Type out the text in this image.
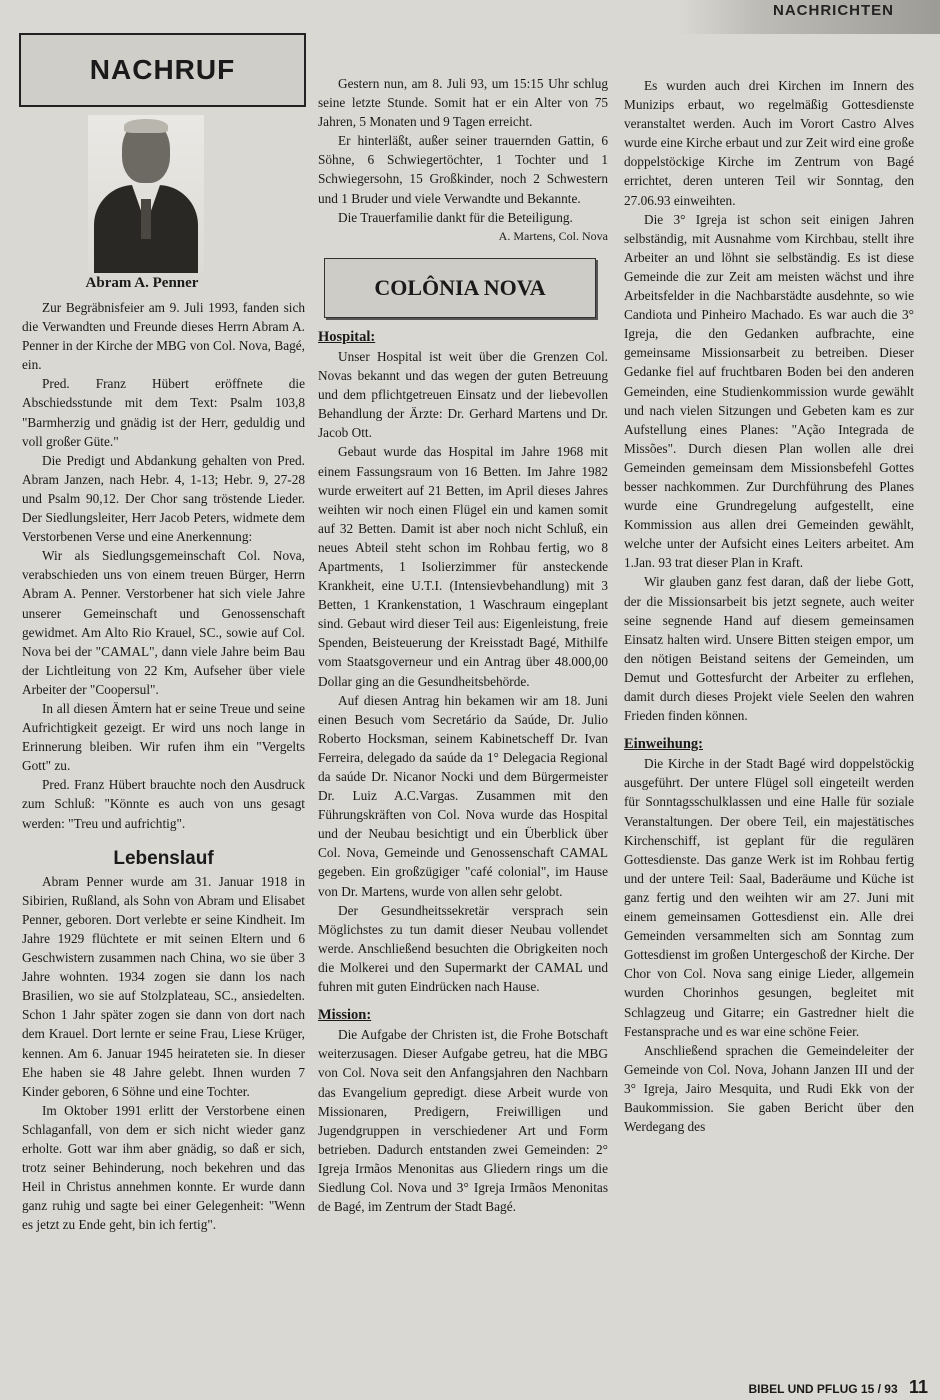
NACHRICHTEN
NACHRUF
Abram A. Penner

Zur Begräbnisfeier am 9. Juli 1993, fanden sich die Verwandten und Freunde dieses Herrn Abram A. Penner in der Kirche der MBG von Col. Nova, Bagé, ein.

Pred. Franz Hübert eröffnete die Abschiedsstunde mit dem Text: Psalm 103,8 "Barmherzig und gnädig ist der Herr, geduldig und voll großer Güte."

Die Predigt und Abdankung gehalten von Pred. Abram Janzen, nach Hebr. 4, 1-13; Hebr. 9, 27-28 und Psalm 90,12. Der Chor sang tröstende Lieder. Der Siedlungsleiter, Herr Jacob Peters, widmete dem Verstorbenen Verse und eine Anerkennung:

Wir als Siedlungsgemeinschaft Col. Nova, verabschieden uns von einem treuen Bürger, Herrn Abram A. Penner. Verstorbener hat sich viele Jahre unserer Gemeinschaft und Genossenschaft gewidmet. Am Alto Rio Krauel, SC., sowie auf Col. Nova bei der "CAMAL", dann viele Jahre beim Bau der Lichtleitung von 22 Km, Aufseher über viele Arbeiter der "Coopersul".

In all diesen Ämtern hat er seine Treue und seine Aufrichtigkeit gezeigt. Er wird uns noch lange in Erinnerung bleiben. Wir rufen ihm ein "Vergelts Gott" zu.

Pred. Franz Hübert brauchte noch den Ausdruck zum Schluß: "Könnte es auch von uns gesagt werden: "Treu und aufrichtig".

Lebenslauf

Abram Penner wurde am 31. Januar 1918 in Sibirien, Rußland, als Sohn von Abram und Elisabet Penner, geboren. Dort verlebte er seine Kindheit. Im Jahre 1929 flüchtete er mit seinen Eltern und 6 Geschwistern zusammen nach China, wo sie über 3 Jahre wohnten. 1934 zogen sie dann los nach Brasilien, wo sie auf Stolzplateau, SC., ansiedelten. Schon 1 Jahr später zogen sie dann von dort nach dem Krauel. Dort lernte er seine Frau, Liese Krüger, kennen. Am 6. Januar 1945 heirateten sie. In dieser Ehe haben sie 48 Jahre gelebt. Ihnen wurden 7 Kinder geboren, 6 Söhne und eine Tochter.

Im Oktober 1991 erlitt der Verstorbene einen Schlaganfall, von dem er sich nicht wieder ganz erholte. Gott war ihm aber gnädig, so daß er sich, trotz seiner Behinderung, noch bekehren und das Heil in Christus annehmen konnte. Er wurde dann ganz ruhig und sagte bei einer Gelegenheit: "Wenn es jetzt zu Ende geht, bin ich fertig".

Gestern nun, am 8. Juli 93, um 15:15 Uhr schlug seine letzte Stunde. Somit hat er ein Alter von 75 Jahren, 5 Monaten und 9 Tagen erreicht.

Er hinterläßt, außer seiner trauernden Gattin, 6 Söhne, 6 Schwiegertöchter, 1 Tochter und 1 Schwiegersohn, 15 Großkinder, noch 2 Schwestern und 1 Bruder und viele Verwandte und Bekannte.

Die Trauerfamilie dankt für die Beteiligung.

A. Martens, Col. Nova
COLÔNIA NOVA
Hospital:

Unser Hospital ist weit über die Grenzen Col. Novas bekannt und das wegen der guten Betreuung und dem pflichtgetreuen Einsatz und der liebevollen Behandlung der Ärzte: Dr. Gerhard Martens und Dr. Jacob Ott.

Gebaut wurde das Hospital im Jahre 1968 mit einem Fassungsraum von 16 Betten. Im Jahre 1982 wurde erweitert auf 21 Betten, im April dieses Jahres weihten wir noch einen Flügel ein und kamen somit auf 32 Betten. Damit ist aber noch nicht Schluß, ein neues Abteil steht schon im Rohbau fertig, wo 8 Apartments, 1 Isolierzimmer für ansteckende Krankheit, eine U.T.I. (Intensievbehandlung) mit 3 Betten, 1 Krankenstation, 1 Waschraum eingeplant sind. Gebaut wird dieser Teil aus: Eigenleistung, freie Spenden, Beisteuerung der Kreisstadt Bagé, Mithilfe vom Staatsgoverneur und ein Antrag über 48.000,00 Dollar ging an die Gesundheitsbehörde.

Auf diesen Antrag hin bekamen wir am 18. Juni einen Besuch vom Secretário da Saúde, Dr. Julio Roberto Hocksman, seinem Kabinetscheff Dr. Ivan Ferreira, delegado da saúde da 1° Delegacia Regional da saúde Dr. Nicanor Nocki und dem Bürgermeister Dr. Luiz A.C.Vargas. Zusammen mit den Führungskräften von Col. Nova wurde das Hospital und der Neubau besichtigt und ein Überblick über Col. Nova, Gemeinde und Genossenschaft CAMAL gegeben. Ein großzügiger "café colonial", im Hause von Dr. Martens, wurde von allen sehr gelobt.

Der Gesundheitssekretär versprach sein Möglichstes zu tun damit dieser Neubau vollendet werde. Anschließend besuchten die Obrigkeiten noch die Molkerei und den Supermarkt der CAMAL und fuhren mit guten Eindrücken nach Hause.

Mission:

Die Aufgabe der Christen ist, die Frohe Botschaft weiterzusagen. Dieser Aufgabe getreu, hat die MBG von Col. Nova seit den Anfangsjahren den Nachbarn das Evangelium gepredigt. diese Arbeit wurde von Missionaren, Predigern, Freiwilligen und Jugendgruppen in verschiedener Art und Form betrieben. Dadurch entstanden zwei Gemeinden: 2° Igreja Irmãos Menonitas aus Gliedern rings um die Siedlung Col. Nova und 3° Igreja Irmãos Menonitas de Bagé, im Zentrum der Stadt Bagé.

Es wurden auch drei Kirchen im Innern des Munizips erbaut, wo regelmäßig Gottesdienste veranstaltet werden. Auch im Vorort Castro Alves wurde eine Kirche erbaut und zur Zeit wird eine große doppelstöckige Kirche im Zentrum von Bagé errichtet, deren unteren Teil wir Sonntag, den 27.06.93 einweihten.

Die 3° Igreja ist schon seit einigen Jahren selbständig, mit Ausnahme vom Kirchbau, stellt ihre Arbeiter an und löhnt sie selbständig. Es ist diese Gemeinde die zur Zeit am meisten wächst und ihre Arbeitsfelder in die Nachbarstädte ausdehnte, so wie Candiota und Pinheiro Machado. Es war auch die 3° Igreja, die den Gedanken aufbrachte, eine gemeinsame Missionsarbeit zu betreiben. Dieser Gedanke fiel auf fruchtbaren Boden bei den anderen Gemeinden, eine Studienkommission wurde gewählt und nach vielen Sitzungen und Gebeten kam es zur Aufstellung eines Planes: "Ação Integrada de Missões". Durch diesen Plan wollen alle drei Gemeinden gemeinsam dem Missionsbefehl Gottes besser nachkommen. Zur Durchführung des Planes wurde eine Grundregelung aufgestellt, eine Kommission aus allen drei Gemeinden gewählt, welche unter der Aufsicht eines Leiters arbeitet. Am 1.Jan. 93 trat dieser Plan in Kraft.

Wir glauben ganz fest daran, daß der liebe Gott, der die Missionsarbeit bis jetzt segnete, auch weiter seine segnende Hand auf diesem gemeinsamen Einsatz halten wird. Unsere Bitten steigen empor, um den nötigen Beistand seitens der Gemeinden, um Demut und Gottesfurcht der Arbeiter zu erflehen, damit durch dieses Projekt viele Seelen den wahren Frieden finden können.

Einweihung:

Die Kirche in der Stadt Bagé wird doppelstöckig ausgeführt. Der untere Flügel soll eingeteilt werden für Sonntagsschulklassen und eine Halle für soziale Veranstaltungen. Der obere Teil, ein majestätisches Kirchenschiff, ist geplant für die regulären Gottesdienste. Das ganze Werk ist im Rohbau fertig und der untere Teil: Saal, Baderäume und Küche ist ganz fertig und den weihten wir am 27. Juni mit einem gemeinsamen Gottesdienst ein. Alle drei Gemeinden versammelten sich am Sonntag zum Gottesdienst im großen Untergeschoß der Kirche. Der Chor von Col. Nova sang einige Lieder, allgemein wurden Chorinhos gesungen, begleitet mit Schlagzeug und Gitarre; ein Gastredner hielt die Festansprache und es war eine schöne Feier.

Anschließend sprachen die Gemeindeleiter der Gemeinde von Col. Nova, Johann Janzen III und der 3° Igreja, Jairo Mesquita, und Rudi Ekk von der Baukommission. Sie gaben Bericht über den Werdegang des

BIBEL UND PFLUG 15 / 93 11
